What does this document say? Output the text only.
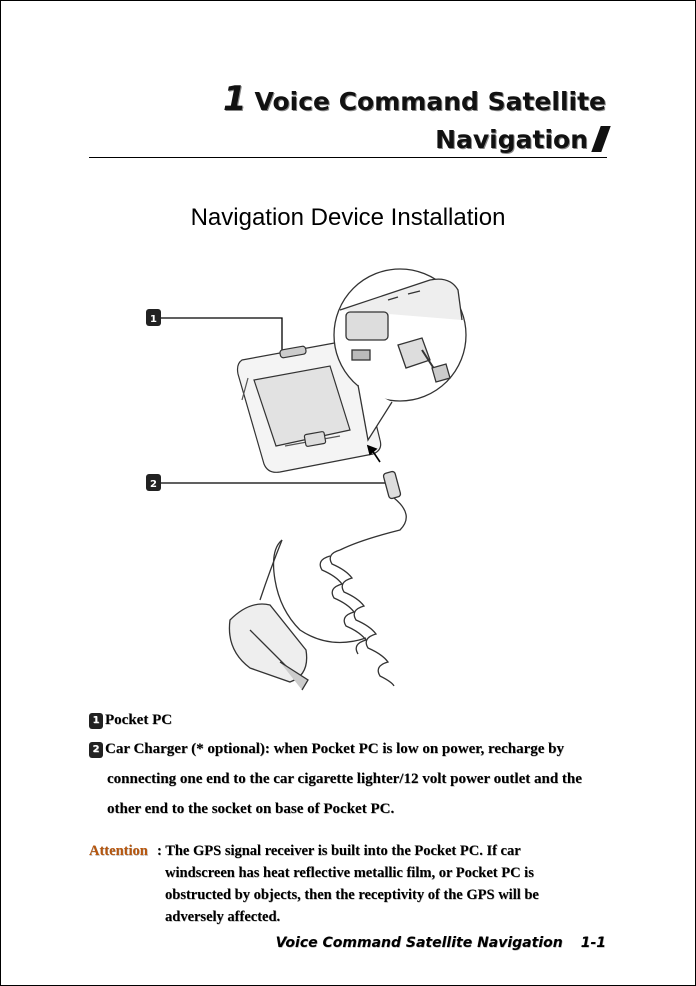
1 Voice Command Satellite
Navigation
Navigation Device Installation
1
2
1 Pocket PC
2 Car Charger (* optional): when Pocket PC is low on power, recharge by
connecting one end to the car cigarette lighter/12 volt power outlet and the
other end to the socket on base of Pocket PC.
Attention : The GPS signal receiver is built into the Pocket PC. If car
windscreen has heat reflective metallic film, or Pocket PC is
obstructed by objects, then the receptivity of the GPS will be
adversely affected.
Voice Command Satellite Navigation 1-1
